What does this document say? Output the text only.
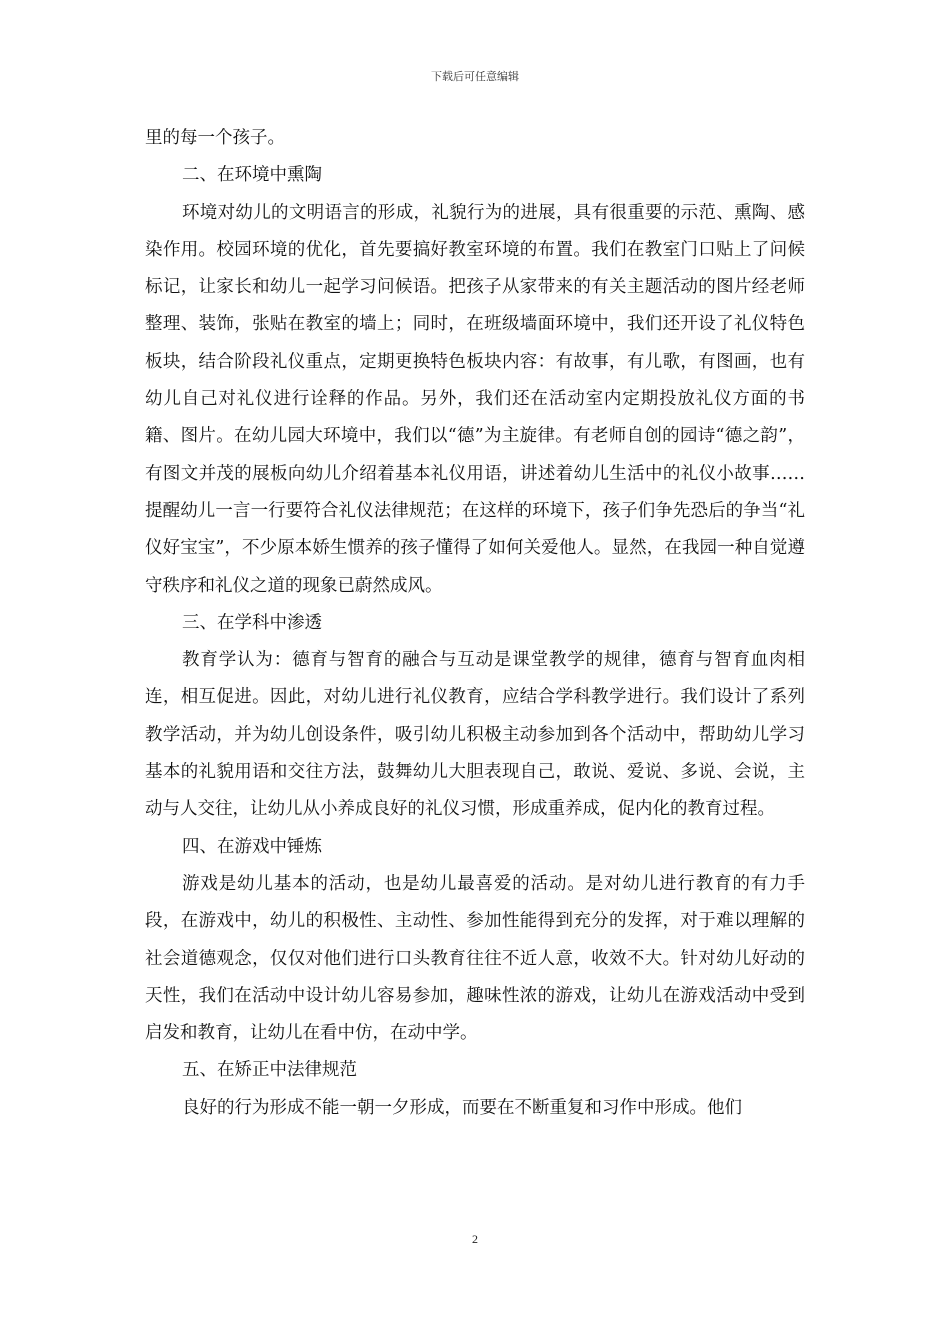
下载后可任意编辑

里的每一个孩子。

二、在环境中熏陶

环境对幼儿的文明语言的形成，礼貌行为的进展，具有很重要的示范、熏陶、感染作用。校园环境的优化，首先要搞好教室环境的布置。我们在教室门口贴上了问候标记，让家长和幼儿一起学习问候语。把孩子从家带来的有关主题活动的图片经老师整理、装饰，张贴在教室的墙上；同时，在班级墙面环境中，我们还开设了礼仪特色板块，结合阶段礼仪重点，定期更换特色板块内容：有故事，有儿歌，有图画，也有幼儿自己对礼仪进行诠释的作品。另外，我们还在活动室内定期投放礼仪方面的书籍、图片。在幼儿园大环境中，我们以“德”为主旋律。有老师自创的园诗“德之韵”，有图文并茂的展板向幼儿介绍着基本礼仪用语，讲述着幼儿生活中的礼仪小故事……提醒幼儿一言一行要符合礼仪法律规范；在这样的环境下，孩子们争先恐后的争当“礼仪好宝宝”，不少原本娇生惯养的孩子懂得了如何关爱他人。显然，在我园一种自觉遵守秩序和礼仪之道的现象已蔚然成风。

三、在学科中渗透

教育学认为：德育与智育的融合与互动是课堂教学的规律，德育与智育血肉相连，相互促进。因此，对幼儿进行礼仪教育，应结合学科教学进行。我们设计了系列教学活动，并为幼儿创设条件，吸引幼儿积极主动参加到各个活动中，帮助幼儿学习基本的礼貌用语和交往方法，鼓舞幼儿大胆表现自己，敢说、爱说、多说、会说，主动与人交往，让幼儿从小养成良好的礼仪习惯，形成重养成，促内化的教育过程。

四、在游戏中锤炼

游戏是幼儿基本的活动，也是幼儿最喜爱的活动。是对幼儿进行教育的有力手段，在游戏中，幼儿的积极性、主动性、参加性能得到充分的发挥，对于难以理解的社会道德观念，仅仅对他们进行口头教育往往不近人意，收效不大。针对幼儿好动的天性，我们在活动中设计幼儿容易参加，趣味性浓的游戏，让幼儿在游戏活动中受到启发和教育，让幼儿在看中仿，在动中学。

五、在矫正中法律规范

良好的行为形成不能一朝一夕形成，而要在不断重复和习作中形成。他们

2
